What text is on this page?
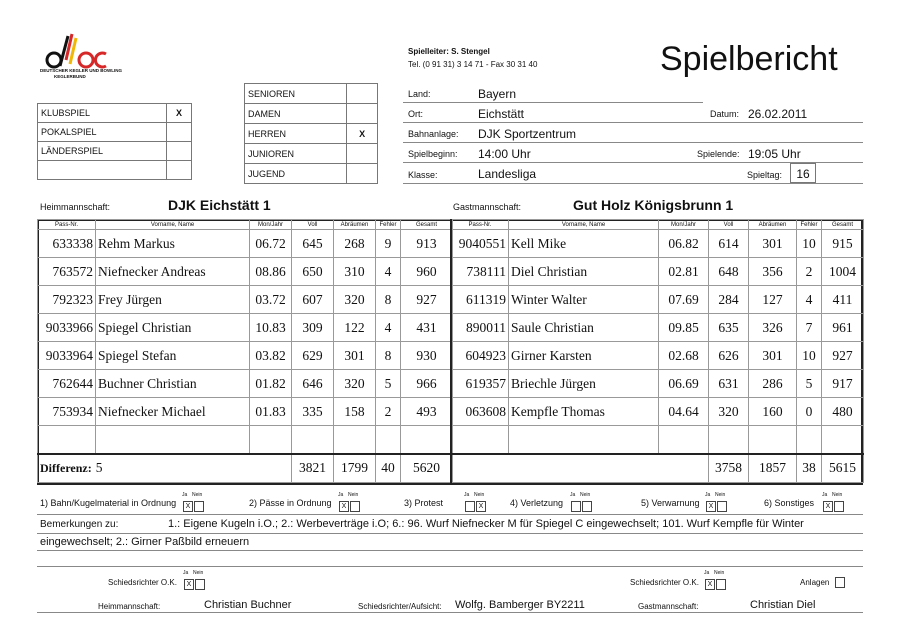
DEUTSCHER KEGLER UND BOWLING
KEGLERBUND
Spielleiter: S. Stengel
Tel. (0 91 31) 3 14 71 - Fax 30 31 40	Spielbericht
KLUBSPIEL	X
POKALSPIEL	
LÄNDERSPIEL	

SENIOREN	
DAMEN	
HERREN	X
JUNIOREN	
JUGEND	
Land:	Bayern
Ort:	Eichstätt	Datum: 26.02.2011
Bahnanlage: DJK Sportzentrum
Spielbeginn: 14:00 Uhr	Spielende: 19:05 Uhr
Klasse:	Landesliga	Spieltag:	16
Heimmannschaft:	DJK Eichstätt 1	Gastmannschaft:	Gut Holz Königsbrunn 1
Pass-Nr.	Vorname, Name	Mon/Jahr	Voll	Abräumen	Fehler	Gesamt
633338	Rehm Markus	06.72	645	268	9	913
763572	Niefnecker Andreas	08.86	650	310	4	960
792323	Frey Jürgen	03.72	607	320	8	927
9033966	Spiegel Christian	10.83	309	122	4	431
9033964	Spiegel Stefan	03.82	629	301	8	930
762644	Buchner Christian	01.82	646	320	5	966
753934	Niefnecker Michael	01.83	335	158	2	493

Differenz: 5			3821	1799	40	5620
Pass-Nr.	Vorname, Name	Mon/Jahr	Voll	Abräumen	Fehler	Gesamt
9040551	Kell Mike	06.82	614	301	10	915
738111	Diel Christian	02.81	648	356	2	1004
611319	Winter Walter	07.69	284	127	4	411
890011	Saule Christian	09.85	635	326	7	961
604923	Girner Karsten	02.68	626	301	10	927
619357	Briechle Jürgen	06.69	631	286	5	917
063608	Kempfle Thomas	04.64	320	160	0	480

			3758	1857	38	5615
1) Bahn/Kugelmaterial in Ordnung
Ja Nein
X	2) Pässe in Ordnung
Ja Nein
X	3) Protest
Ja Nein
X	4) Verletzung
Ja Nein
5) Verwarnung
Ja Nein
X	6) Sonstiges
Ja Nein
X
Bemerkungen zu:	1.: Eigene Kugeln i.O.; 2.: Werbeverträge i.O; 6.: 96. Wurf Niefnecker M für Spiegel C eingewechselt; 101. Wurf Kempfle für Winter
eingewechselt; 2.: Girner Paßbild erneuern
Schiedsrichter O.K.
Ja Nein
X	Schiedsrichter O.K.
Ja Nein
X	Anlagen
Heimmannschaft:	Christian Buchner	Schiedsrichter/Aufsicht: Wolfg. Bamberger BY2211	Gastmannschaft:	Christian Diel
